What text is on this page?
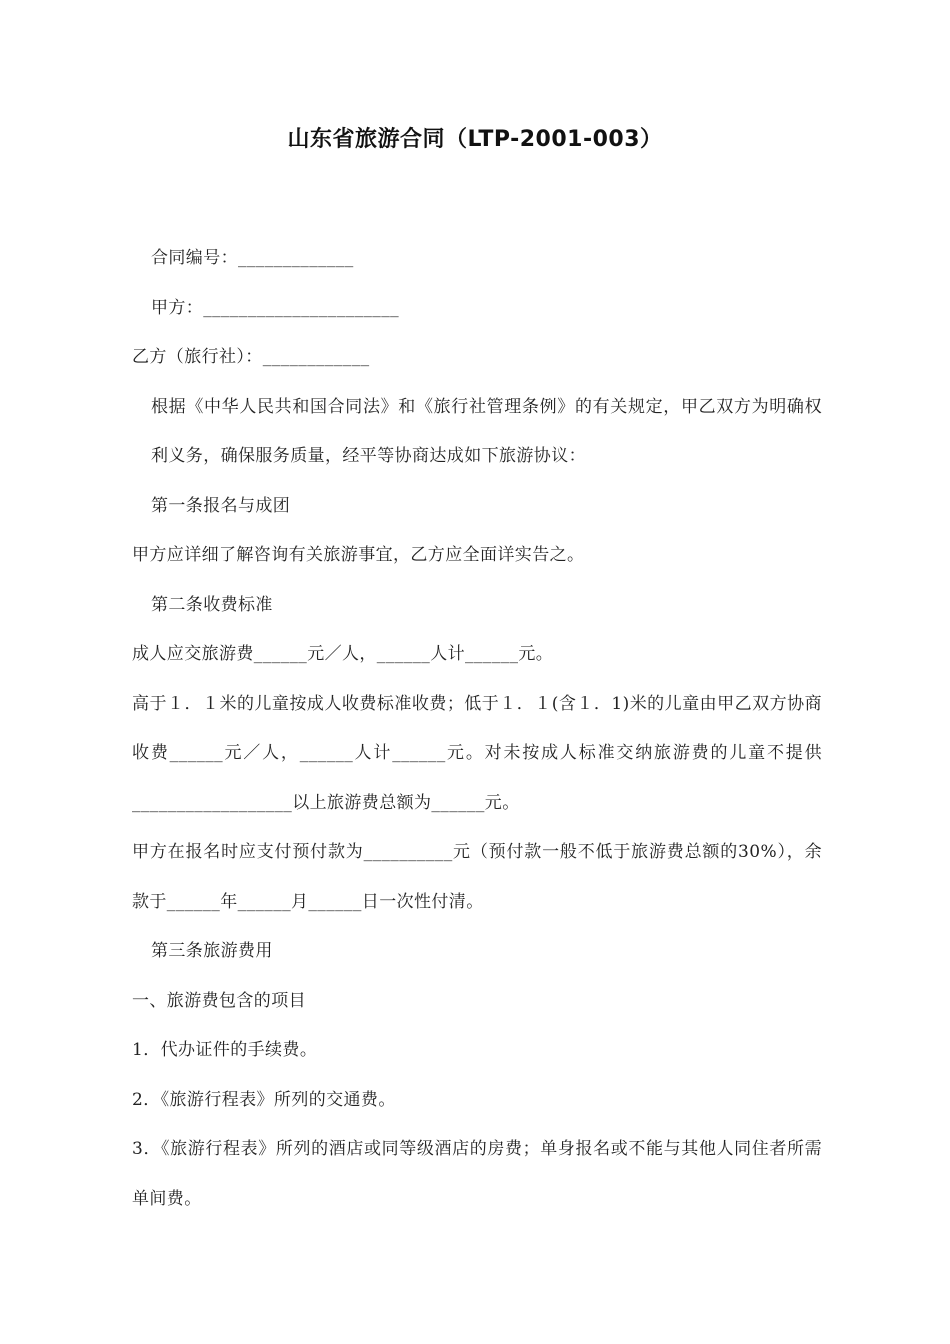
山东省旅游合同（LTP-2001-003）

合同编号：_____________

甲方：______________________

乙方（旅行社）：____________

根据《中华人民共和国合同法》和《旅行社管理条例》的有关规定，甲乙双方为明确权利义务，确保服务质量，经平等协商达成如下旅游协议：

第一条报名与成团

甲方应详细了解咨询有关旅游事宜，乙方应全面详实告之。

第二条收费标准

成人应交旅游费______元／人，______人计______元。

高于１．１米的儿童按成人收费标准收费；低于１．１(含１．1)米的儿童由甲乙双方协商收费______元／人，______人计______元。对未按成人标准交纳旅游费的儿童不提供__________________以上旅游费总额为______元。

甲方在报名时应支付预付款为__________元（预付款一般不低于旅游费总额的30%），余款于______年______月______日一次性付清。

第三条旅游费用

一、旅游费包含的项目

1．代办证件的手续费。

2．《旅游行程表》所列的交通费。

3．《旅游行程表》所列的酒店或同等级酒店的房费；单身报名或不能与其他人同住者所需单间费。
